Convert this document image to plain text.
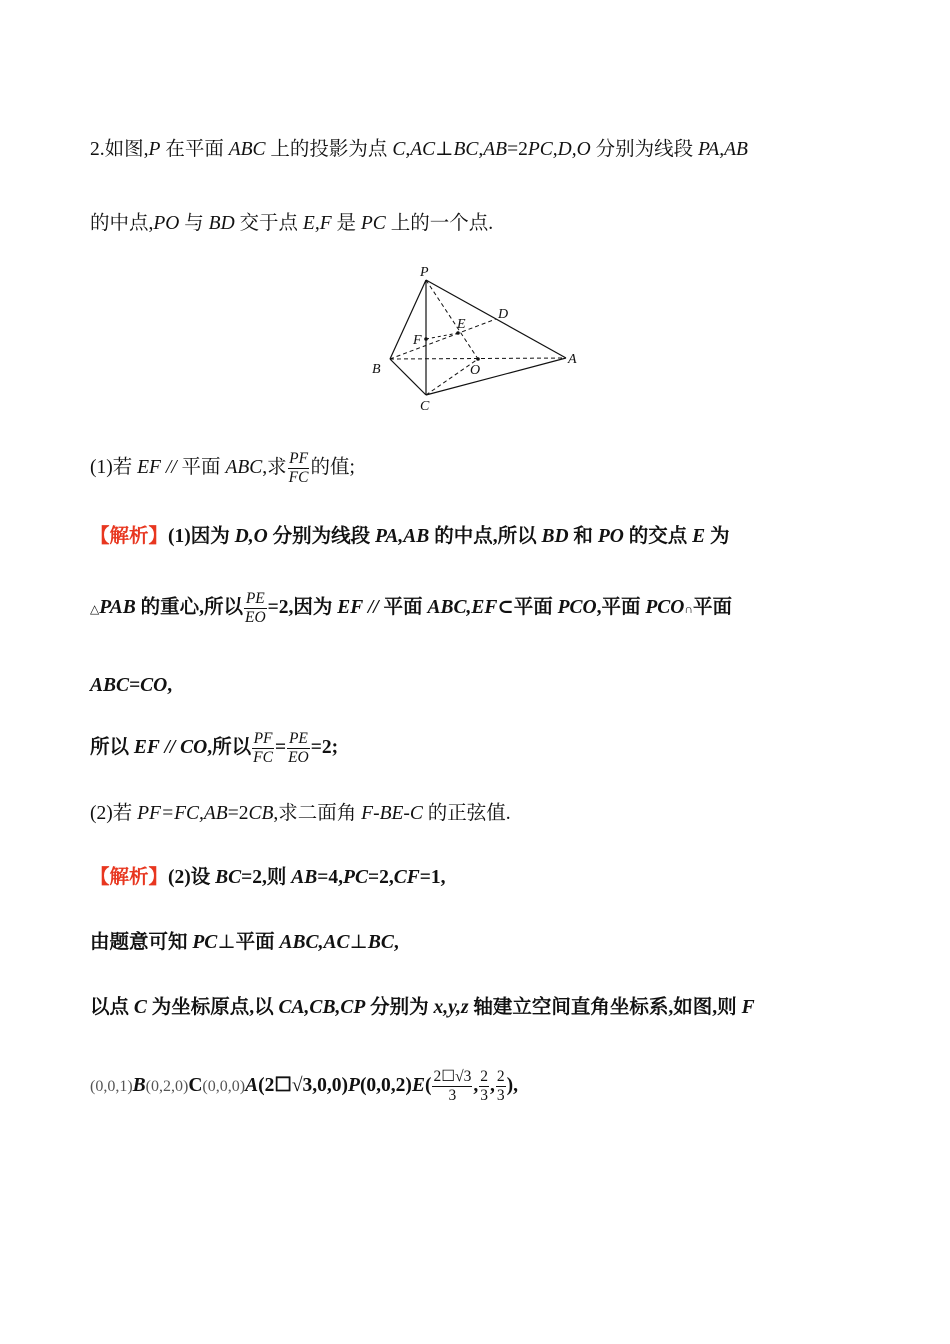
2.如图,P 在平面 ABC 上的投影为点 C,AC⊥BC,AB=2PC,D,O 分别为线段 PA,AB
的中点,PO 与 BD 交于点 E,F 是 PC 上的一个点.
P
D
E
F
B	O
A
C
(1)若 EF // 平面 ABC,求 $\frac{PF}{FC}$ 的值;
【解析】(1)因为 D,O 分别为线段 PA,AB 的中点,所以 BD 和 PO 的交点 E 为
△PAB 的重心,所以 $\frac{PE}{EO} =2$,因为 EF // 平面 ABC,EF⊂平面 PCO,平面 PCO∩平面
ABC=CO,
所以 EF // CO,所以 $\frac{PF}{FC} = \frac{PE}{EO} =2$;
(2)若 PF=FC,AB=2CB,求二面角 F-BE-C 的正弦值.
【解析】(2)设 BC=2,则 AB=4,PC=2,CF=1,
由题意可知 PC⊥平面 ABC,AC⊥BC,
以点 C 为坐标原点,以 CA,CB,CP 分别为 x,y,z 轴建立空间直角坐标系,如图,则 F
(0,0,1)B(0,2,0)C(0,0,0)A(2☐√3,0,0)P(0,0,2)E( $\frac{2☐√3}{3}$ , $\frac{2}{3}$ , $\frac{2}{3}$ ),
